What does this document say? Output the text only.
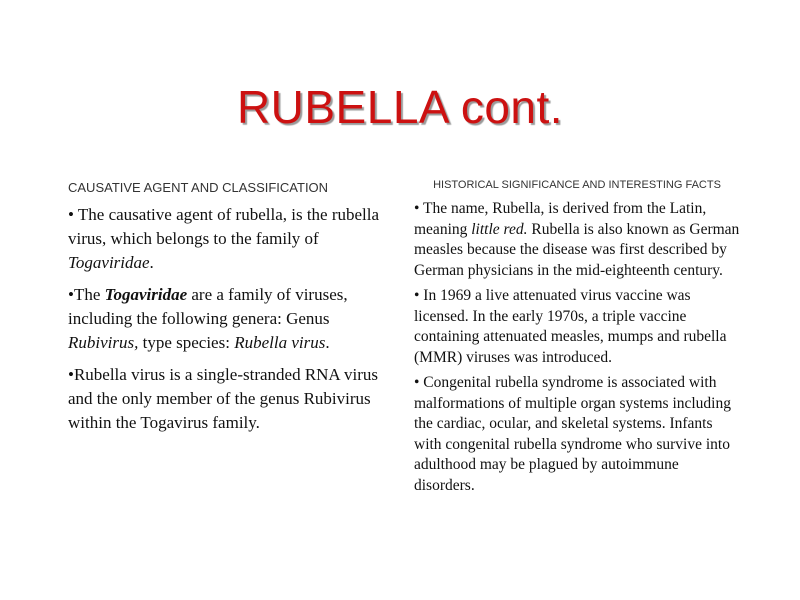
RUBELLA cont.
CAUSATIVE AGENT AND CLASSIFICATION
• The causative agent of rubella, is the rubella virus, which belongs to the family of Togaviridae.
•The Togaviridae are a family of viruses, including the following genera: Genus Rubivirus, type species: Rubella virus.
•Rubella virus is a single-stranded RNA virus and the only member of the genus Rubivirus within the Togavirus family.
HISTORICAL SIGNIFICANCE AND INTERESTING FACTS
• The name, Rubella, is derived from the Latin, meaning little red. Rubella is also known as German measles because the disease was first described by German physicians in the mid-eighteenth century.
• In 1969 a live attenuated virus vaccine was licensed. In the early 1970s, a triple vaccine containing attenuated measles, mumps and rubella (MMR) viruses was introduced.
• Congenital rubella syndrome is associated with malformations of multiple organ systems including the cardiac, ocular, and skeletal systems. Infants with congenital rubella syndrome who survive into adulthood may be plagued by autoimmune disorders.
